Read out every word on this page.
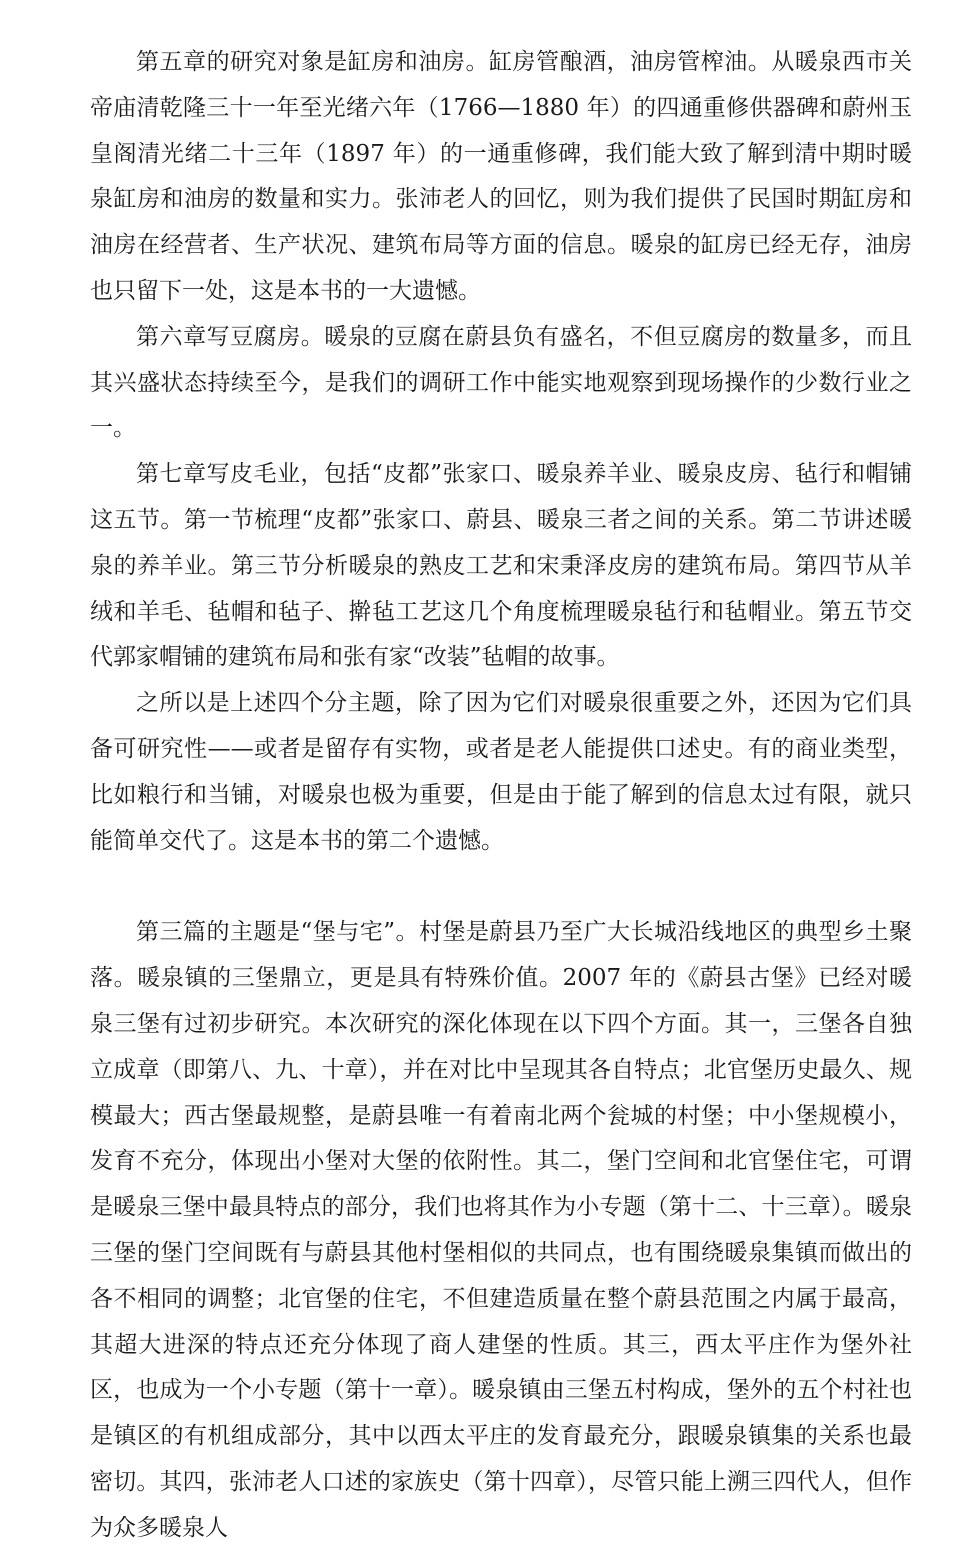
第五章的研究对象是缸房和油房。缸房管酿酒，油房管榨油。从暖泉西市关帝庙清乾隆三十一年至光绪六年（1766—1880 年）的四通重修供器碑和蔚州玉皇阁清光绪二十三年（1897 年）的一通重修碑，我们能大致了解到清中期时暖泉缸房和油房的数量和实力。张沛老人的回忆，则为我们提供了民国时期缸房和油房在经营者、生产状况、建筑布局等方面的信息。暖泉的缸房已经无存，油房也只留下一处，这是本书的一大遗憾。

第六章写豆腐房。暖泉的豆腐在蔚县负有盛名，不但豆腐房的数量多，而且其兴盛状态持续至今，是我们的调研工作中能实地观察到现场操作的少数行业之一。

第七章写皮毛业，包括“皮都”张家口、暖泉养羊业、暖泉皮房、毡行和帽铺这五节。第一节梳理“皮都”张家口、蔚县、暖泉三者之间的关系。第二节讲述暖泉的养羊业。第三节分析暖泉的熟皮工艺和宋秉泽皮房的建筑布局。第四节从羊绒和羊毛、毡帽和毡子、擀毡工艺这几个角度梳理暖泉毡行和毡帽业。第五节交代郭家帽铺的建筑布局和张有家“改装”毡帽的故事。

之所以是上述四个分主题，除了因为它们对暖泉很重要之外，还因为它们具备可研究性——或者是留存有实物，或者是老人能提供口述史。有的商业类型，比如粮行和当铺，对暖泉也极为重要，但是由于能了解到的信息太过有限，就只能简单交代了。这是本书的第二个遗憾。

第三篇的主题是“堡与宅”。村堡是蔚县乃至广大长城沿线地区的典型乡土聚落。暖泉镇的三堡鼎立，更是具有特殊价值。2007 年的《蔚县古堡》已经对暖泉三堡有过初步研究。本次研究的深化体现在以下四个方面。其一，三堡各自独立成章（即第八、九、十章），并在对比中呈现其各自特点；北官堡历史最久、规模最大；西古堡最规整，是蔚县唯一有着南北两个瓮城的村堡；中小堡规模小，发育不充分，体现出小堡对大堡的依附性。其二，堡门空间和北官堡住宅，可谓是暖泉三堡中最具特点的部分，我们也将其作为小专题（第十二、十三章）。暖泉三堡的堡门空间既有与蔚县其他村堡相似的共同点，也有围绕暖泉集镇而做出的各不相同的调整；北官堡的住宅，不但建造质量在整个蔚县范围之内属于最高，其超大进深的特点还充分体现了商人建堡的性质。其三，西太平庄作为堡外社区，也成为一个小专题（第十一章）。暖泉镇由三堡五村构成，堡外的五个村社也是镇区的有机组成部分，其中以西太平庄的发育最充分，跟暖泉镇集的关系也最密切。其四，张沛老人口述的家族史（第十四章），尽管只能上溯三四代人，但作为众多暖泉人
